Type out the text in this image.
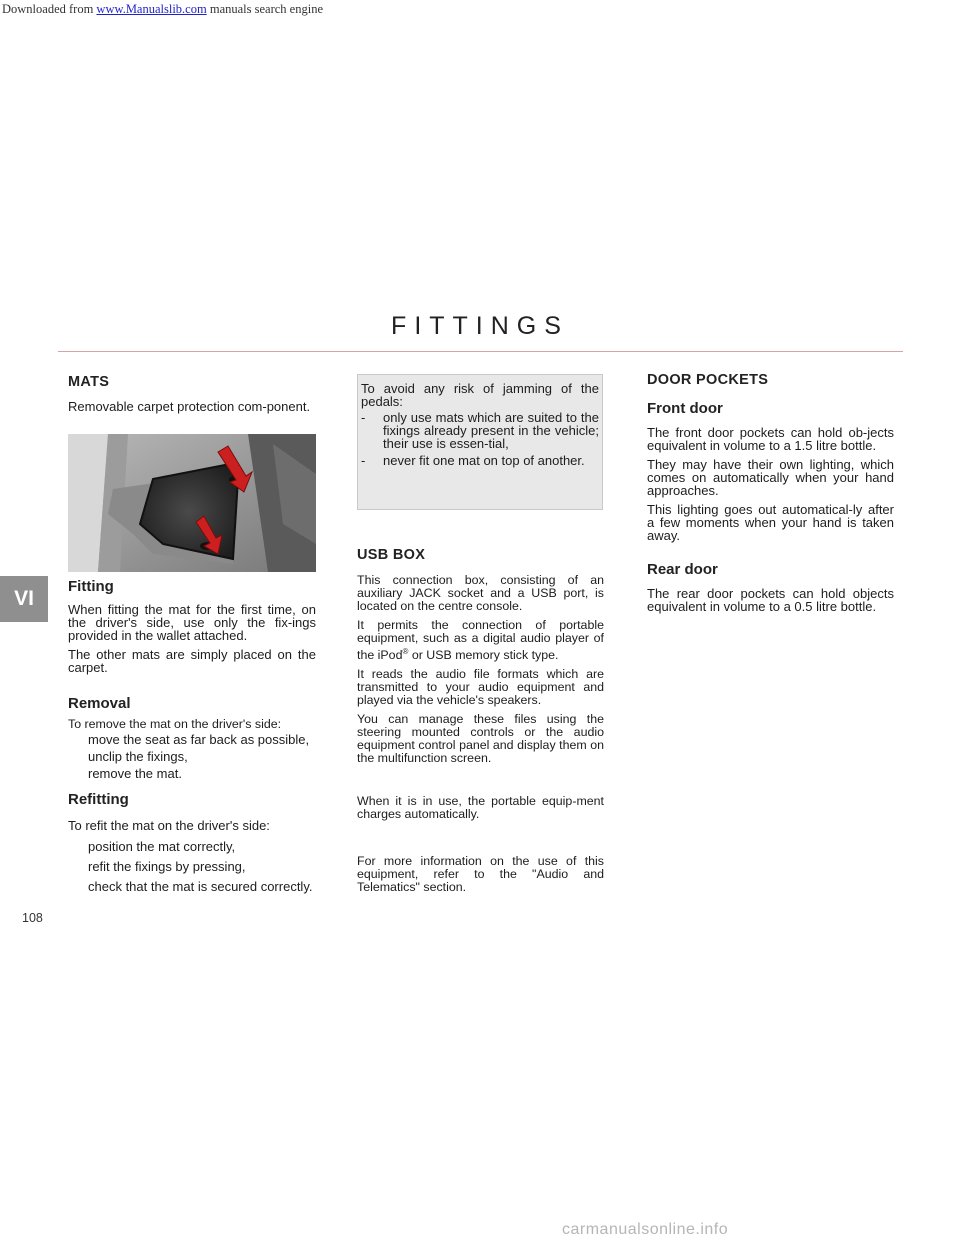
Downloaded from www.Manualslib.com manuals search engine
FITTINGS
VI
108
MATS

Removable carpet protection com-ponent.

Fitting

When fitting the mat for the first time, on the driver's side, use only the fix-ings provided in the wallet attached.

The other mats are simply placed on the carpet.

Removal

To remove the mat on the driver's side:

move the seat as far back as possible,
unclip the fixings,
remove the mat.
Refitting

To refit the mat on the driver's side:

position the mat correctly,
refit the fixings by pressing,
check that the mat is secured correctly.

To avoid any risk of jamming of the pedals:

-	only use mats which are suited to the fixings already present in the vehicle; their use is essen-tial,
-	never fit one mat on top of another.
USB BOX

This connection box, consisting of an auxiliary JACK socket and a USB port, is located on the centre console.

It permits the connection of portable equipment, such as a digital audio player of the iPod® or USB memory stick type.

It reads the audio file formats which are transmitted to your audio equipment and played via the vehicle's speakers.

You can manage these files using the steering mounted controls or the audio equipment control panel and display them on the multifunction screen.

When it is in use, the portable equip-ment charges automatically.

For more information on the use of this equipment, refer to the "Audio and Telematics" section.

DOOR POCKETS
Front door

The front door pockets can hold ob-jects equivalent in volume to a 1.5 litre bottle.

They may have their own lighting, which comes on automatically when your hand approaches.

This lighting goes out automatical-ly after a few moments when your hand is taken away.

Rear door

The rear door pockets can hold objects equivalent in volume to a 0.5 litre bottle.

carmanualsonline.info
